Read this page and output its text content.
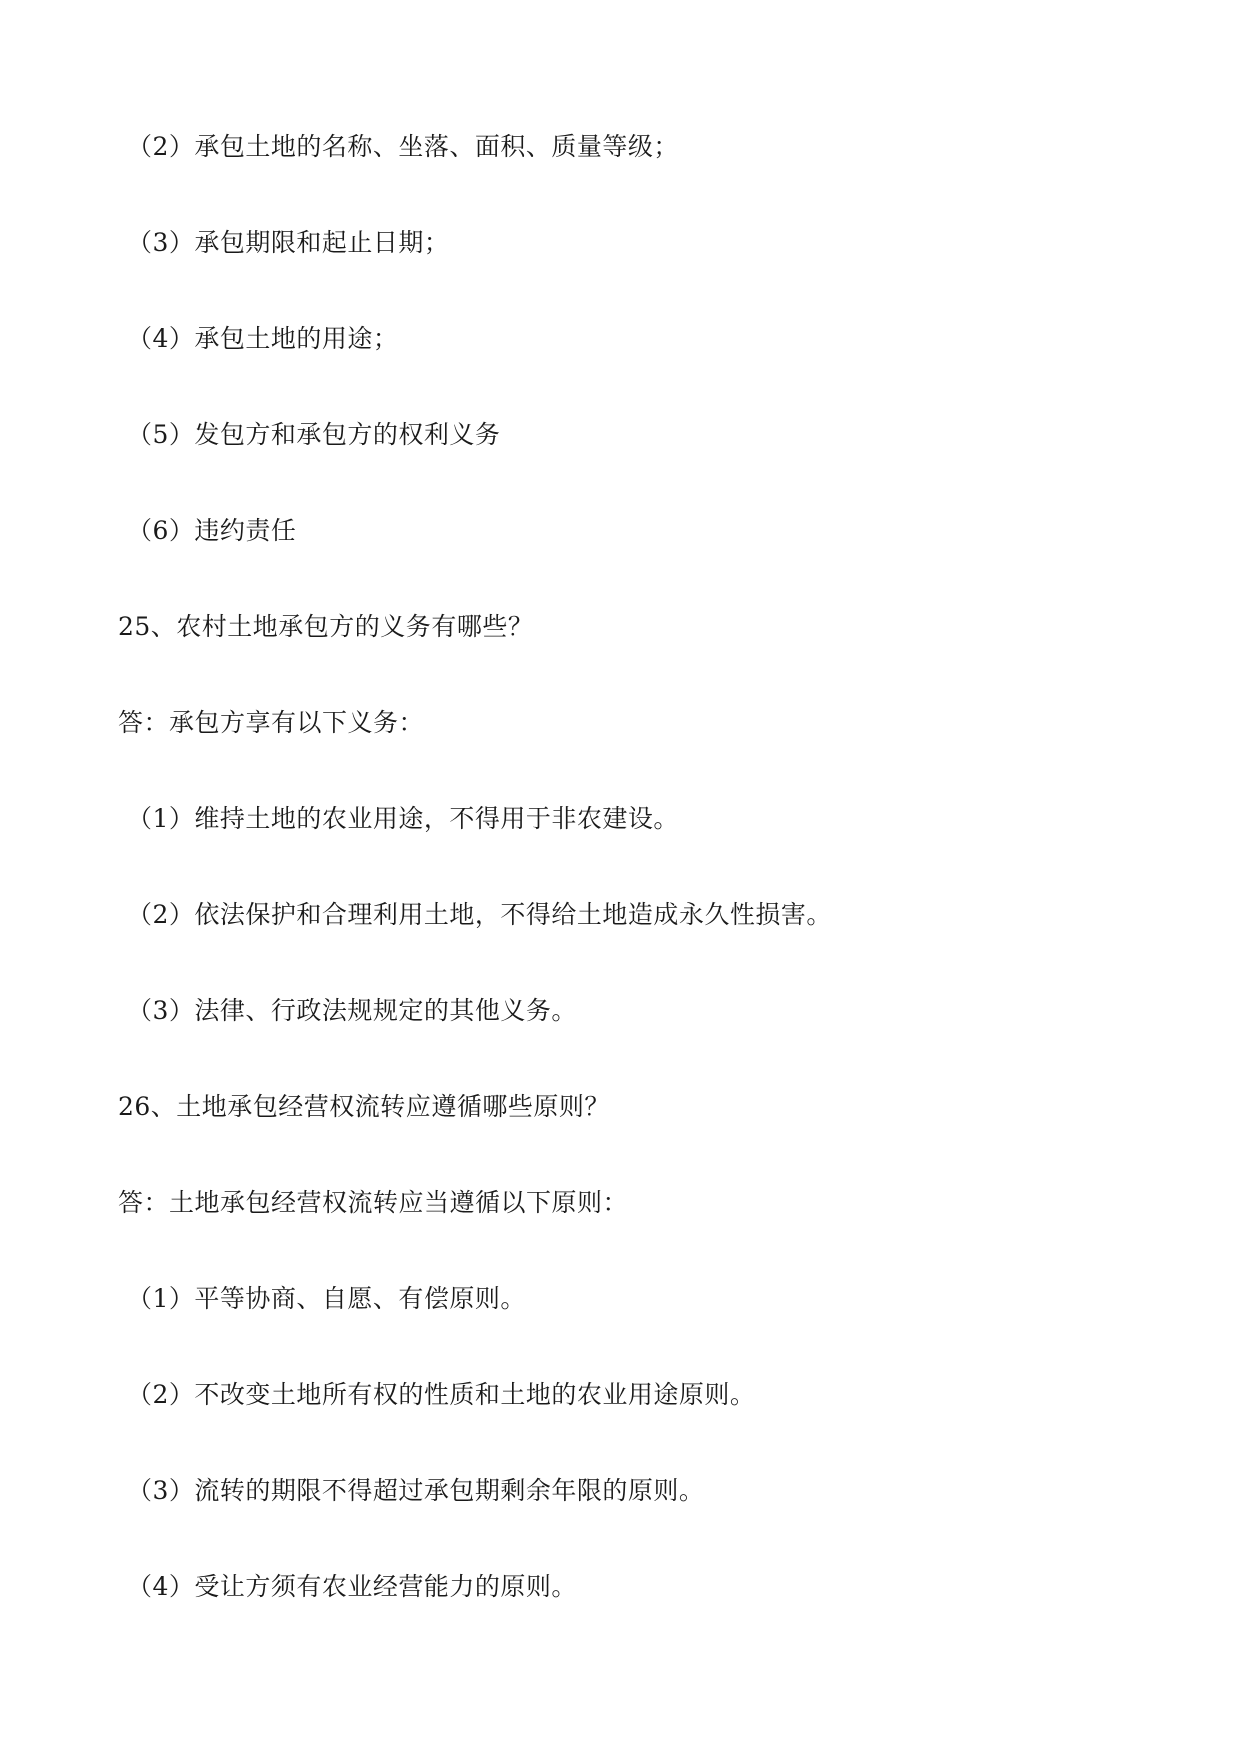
（2）承包土地的名称、坐落、面积、质量等级；
（3）承包期限和起止日期；
（4）承包土地的用途；
（5）发包方和承包方的权利义务
（6）违约责任
25、农村土地承包方的义务有哪些？
答：承包方享有以下义务：
（1）维持土地的农业用途，不得用于非农建设。
（2）依法保护和合理利用土地，不得给土地造成永久性损害。
（3）法律、行政法规规定的其他义务。
26、土地承包经营权流转应遵循哪些原则？
答：土地承包经营权流转应当遵循以下原则：
（1）平等协商、自愿、有偿原则。
（2）不改变土地所有权的性质和土地的农业用途原则。
（3）流转的期限不得超过承包期剩余年限的原则。
（4）受让方须有农业经营能力的原则。
